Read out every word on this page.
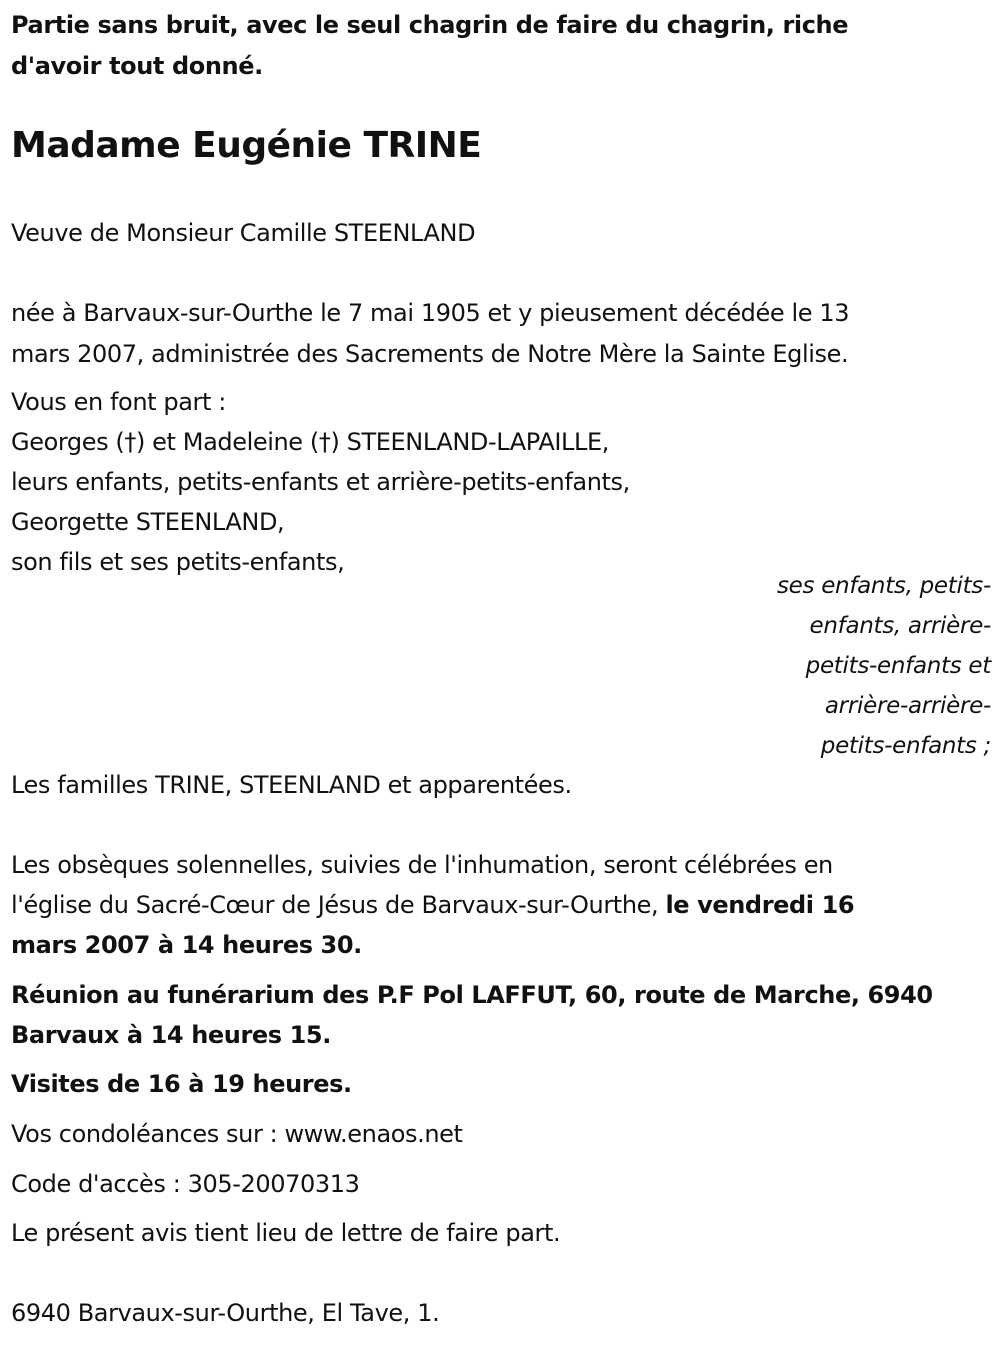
Partie sans bruit, avec le seul chagrin de faire du chagrin, riche
d'avoir tout donné.
Madame Eugénie TRINE
Veuve de Monsieur Camille STEENLAND
née à Barvaux-sur-Ourthe le 7 mai 1905 et y pieusement décédée le 13
mars 2007, administrée des Sacrements de Notre Mère la Sainte Eglise.
Vous en font part :
Georges (†) et Madeleine (†) STEENLAND-LAPAILLE,
leurs enfants, petits-enfants et arrière-petits-enfants,
Georgette STEENLAND,
son fils et ses petits-enfants,
ses enfants, petits-
enfants, arrière-
petits-enfants et
arrière-arrière-
petits-enfants ;
Les familles TRINE, STEENLAND et apparentées.
Les obsèques solennelles, suivies de l'inhumation, seront célébrées en
l'église du Sacré-Cœur de Jésus de Barvaux-sur-Ourthe, le vendredi 16
mars 2007 à 14 heures 30.
Réunion au funérarium des P.F Pol LAFFUT, 60, route de Marche, 6940
Barvaux à 14 heures 15.
Visites de 16 à 19 heures.
Vos condoléances sur : www.enaos.net
Code d'accès : 305-20070313
Le présent avis tient lieu de lettre de faire part.
6940 Barvaux-sur-Ourthe, El Tave, 1.
